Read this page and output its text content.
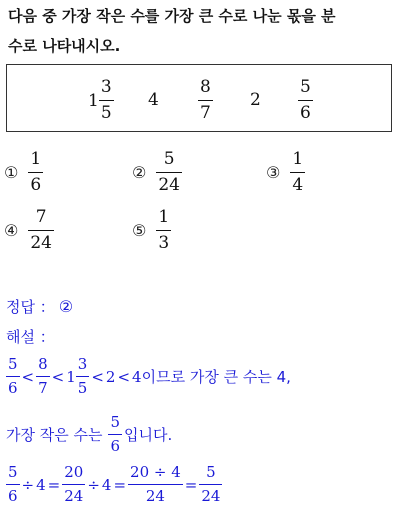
다음 중 가장 작은 수를 가장 큰 수로 나눈 몫을 분
수로 나타내시오.
$1 \frac{3}{5} 4 \frac{8}{7} 2 \frac{5}{6}$
① $\frac{1}{6}$	② $\frac{5}{24}$	③ $\frac{1}{4}$
④ $\frac{7}{24}$	⑤ $\frac{1}{3}$
정답 ： ②
해설 ：
$\frac{5}{6} < \frac{8}{7} < 1 \frac{3}{5} < 2 < 4$ 이므로 가장 큰 수는 4,
가장 작은 수는 $\frac{5}{6}$ 입니다.
$\frac{5}{6} \div 4 = \frac{20}{24} \div 4 = \frac{20 \div 4}{24} = \frac{5}{24}$
